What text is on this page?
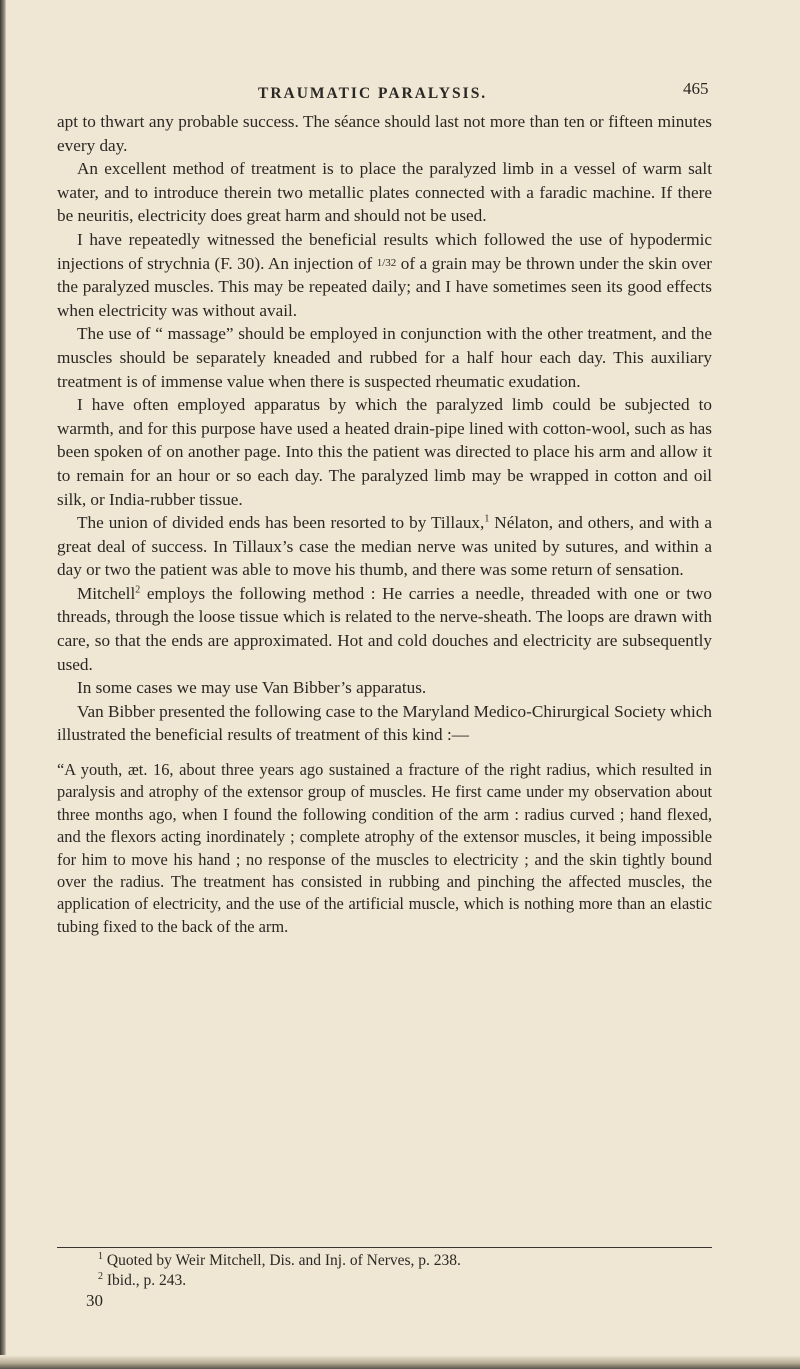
TRAUMATIC PARALYSIS.	465

apt to thwart any probable success. The séance should last not more than ten or fifteen minutes every day.

An excellent method of treatment is to place the paralyzed limb in a vessel of warm salt water, and to introduce therein two metallic plates connected with a faradic machine. If there be neuritis, electricity does great harm and should not be used.

I have repeatedly witnessed the beneficial results which followed the use of hypodermic injections of strychnia (F. 30). An injection of $^{1/32}$ of a grain may be thrown under the skin over the paralyzed muscles. This may be repeated daily; and I have sometimes seen its good effects when electricity was without avail.

The use of “ massage” should be employed in conjunction with the other treatment, and the muscles should be separately kneaded and rubbed for a half hour each day. This auxiliary treatment is of immense value when there is suspected rheumatic exudation.

I have often employed apparatus by which the paralyzed limb could be subjected to warmth, and for this purpose have used a heated drain-pipe lined with cotton-wool, such as has been spoken of on another page. Into this the patient was directed to place his arm and allow it to remain for an hour or so each day. The paralyzed limb may be wrapped in cotton and oil silk, or India-rubber tissue.

The union of divided ends has been resorted to by Tillaux,$^1$ Nélaton, and others, and with a great deal of success. In Tillaux’s case the median nerve was united by sutures, and within a day or two the patient was able to move his thumb, and there was some return of sensation.

Mitchell$^2$ employs the following method : He carries a needle, threaded with one or two threads, through the loose tissue which is related to the nerve-sheath. The loops are drawn with care, so that the ends are approximated. Hot and cold douches and electricity are subsequently used.

In some cases we may use Van Bibber’s apparatus.

Van Bibber presented the following case to the Maryland Medico-Chirurgical Society which illustrated the beneficial results of treatment of this kind :—

“A youth, æt. 16, about three years ago sustained a fracture of the right radius, which resulted in paralysis and atrophy of the extensor group of muscles. He first came under my observation about three months ago, when I found the following condition of the arm : radius curved ; hand flexed, and the flexors acting inordinately ; complete atrophy of the extensor muscles, it being impossible for him to move his hand ; no response of the muscles to electricity ; and the skin tightly bound over the radius. The treatment has consisted in rubbing and pinching the affected muscles, the application of electricity, and the use of the artificial muscle, which is nothing more than an elastic tubing fixed to the back of the arm.

$^1$ Quoted by Weir Mitchell, Dis. and Inj. of Nerves, p. 238.

$^2$ Ibid., p. 243.

30
